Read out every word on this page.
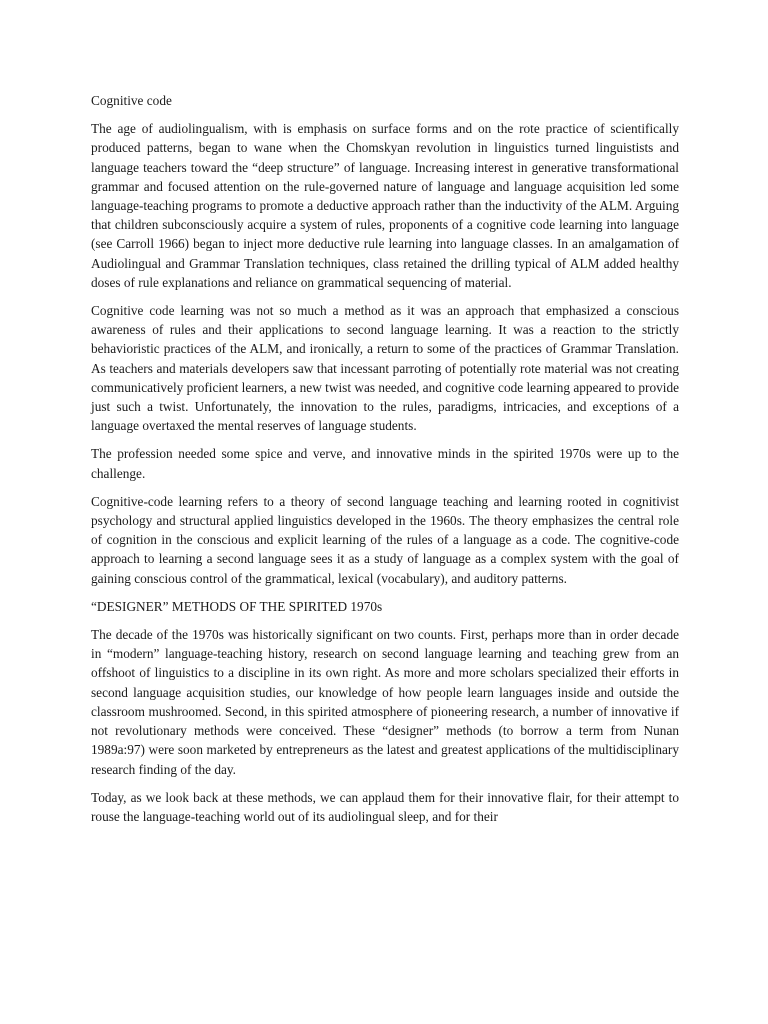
Cognitive code

The age of audiolingualism, with is emphasis on surface forms and on the rote practice of scientifically produced patterns, began to wane when the Chomskyan revolution in linguistics turned linguistists and language teachers toward the “deep structure” of language. Increasing interest in generative transformational grammar and focused attention on the rule-governed nature of language and language acquisition led some language-teaching programs to promote a deductive approach rather than the inductivity of the ALM. Arguing that children subconsciously acquire a system of rules, proponents of a cognitive code learning into language (see Carroll 1966) began to inject more deductive rule learning into language classes. In an amalgamation of Audiolingual and Grammar Translation techniques, class retained the drilling typical of ALM added healthy doses of rule explanations and reliance on grammatical sequencing of material.

Cognitive code learning was not so much a method as it was an approach that emphasized a conscious awareness of rules and their applications to second language learning. It was a reaction to the strictly behavioristic practices of the ALM, and ironically, a return to some of the practices of Grammar Translation. As teachers and materials developers saw that incessant parroting of potentially rote material was not creating communicatively proficient learners, a new twist was needed, and cognitive code learning appeared to provide just such a twist. Unfortunately, the innovation to the rules, paradigms, intricacies, and exceptions of a language overtaxed the mental reserves of language students.

The profession needed some spice and verve, and innovative minds in the spirited 1970s were up to the challenge.

Cognitive-code learning refers to a theory of second language teaching and learning rooted in cognitivist psychology and structural applied linguistics developed in the 1960s. The theory emphasizes the central role of cognition in the conscious and explicit learning of the rules of a language as a code. The cognitive-code approach to learning a second language sees it as a study of language as a complex system with the goal of gaining conscious control of the grammatical, lexical (vocabulary), and auditory patterns.

“DESIGNER” METHODS OF THE SPIRITED 1970s

The decade of the 1970s was historically significant on two counts. First, perhaps more than in order decade in “modern” language-teaching history, research on second language learning and teaching grew from an offshoot of linguistics to a discipline in its own right. As more and more scholars specialized their efforts in second language acquisition studies, our knowledge of how people learn languages inside and outside the classroom mushroomed. Second, in this spirited atmosphere of pioneering research, a number of innovative if not revolutionary methods were conceived. These “designer” methods (to borrow a term from Nunan 1989a:97) were soon marketed by entrepreneurs as the latest and greatest applications of the multidisciplinary research finding of the day.

Today, as we look back at these methods, we can applaud them for their innovative flair, for their attempt to rouse the language-teaching world out of its audiolingual sleep, and for their
